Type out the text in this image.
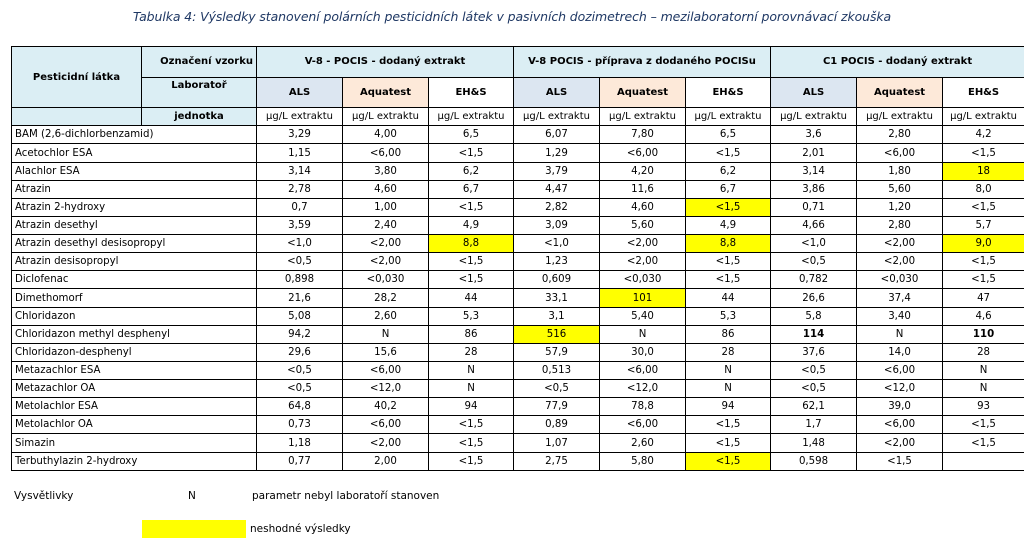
Tabulka 4: Výsledky stanovení polárních pesticidních látek v pasivních dozimetrech – mezilaboratorní porovnávací zkouška
Pesticidní látka	Označení vzorku	V-8 - POCIS - dodaný extrakt			V-8 POCIS - příprava z dodaného POCISu			C1 POCIS - dodaný extrakt		
	Laboratoř	ALS	Aquatest	EH&S	ALS	Aquatest	EH&S	ALS	Aquatest	EH&S
	jednotka	µg/L extraktu	µg/L extraktu	µg/L extraktu	µg/L extraktu	µg/L extraktu	µg/L extraktu	µg/L extraktu	µg/L extraktu	µg/L extraktu
BAM (2,6-dichlorbenzamid)		3,29	4,00	6,5	6,07	7,80	6,5	3,6	2,80	4,2
Acetochlor ESA		1,15	<6,00	<1,5	1,29	<6,00	<1,5	2,01	<6,00	<1,5
Alachlor ESA		3,14	3,80	6,2	3,79	4,20	6,2	3,14	1,80	18
Atrazin		2,78	4,60	6,7	4,47	11,6	6,7	3,86	5,60	8,0
Atrazin 2-hydroxy		0,7	1,00	<1,5	2,82	4,60	<1,5	0,71	1,20	<1,5
Atrazin desethyl		3,59	2,40	4,9	3,09	5,60	4,9	4,66	2,80	5,7
Atrazin desethyl desisopropyl		<1,0	<2,00	8,8	<1,0	<2,00	8,8	<1,0	<2,00	9,0
Atrazin desisopropyl		<0,5	<2,00	<1,5	1,23	<2,00	<1,5	<0,5	<2,00	<1,5
Diclofenac		0,898	<0,030	<1,5	0,609	<0,030	<1,5	0,782	<0,030	<1,5
Dimethomorf		21,6	28,2	44	33,1	101	44	26,6	37,4	47
Chloridazon		5,08	2,60	5,3	3,1	5,40	5,3	5,8	3,40	4,6
Chloridazon methyl desphenyl		94,2	N	86	516	N	86	114	N	110
Chloridazon-desphenyl		29,6	15,6	28	57,9	30,0	28	37,6	14,0	28
Metazachlor ESA		<0,5	<6,00	N	0,513	<6,00	N	<0,5	<6,00	N
Metazachlor OA		<0,5	<12,0	N	<0,5	<12,0	N	<0,5	<12,0	N
Metolachlor ESA		64,8	40,2	94	77,9	78,8	94	62,1	39,0	93
Metolachlor OA		0,73	<6,00	<1,5	0,89	<6,00	<1,5	1,7	<6,00	<1,5
Simazin		1,18	<2,00	<1,5	1,07	2,60	<1,5	1,48	<2,00	<1,5
Terbuthylazin 2-hydroxy		0,77	2,00	<1,5	2,75	5,80	<1,5	0,598	<1,5	
Vysvětlivky	N	parametr nebyl laboratoří stanoven
neshodné výsledky
